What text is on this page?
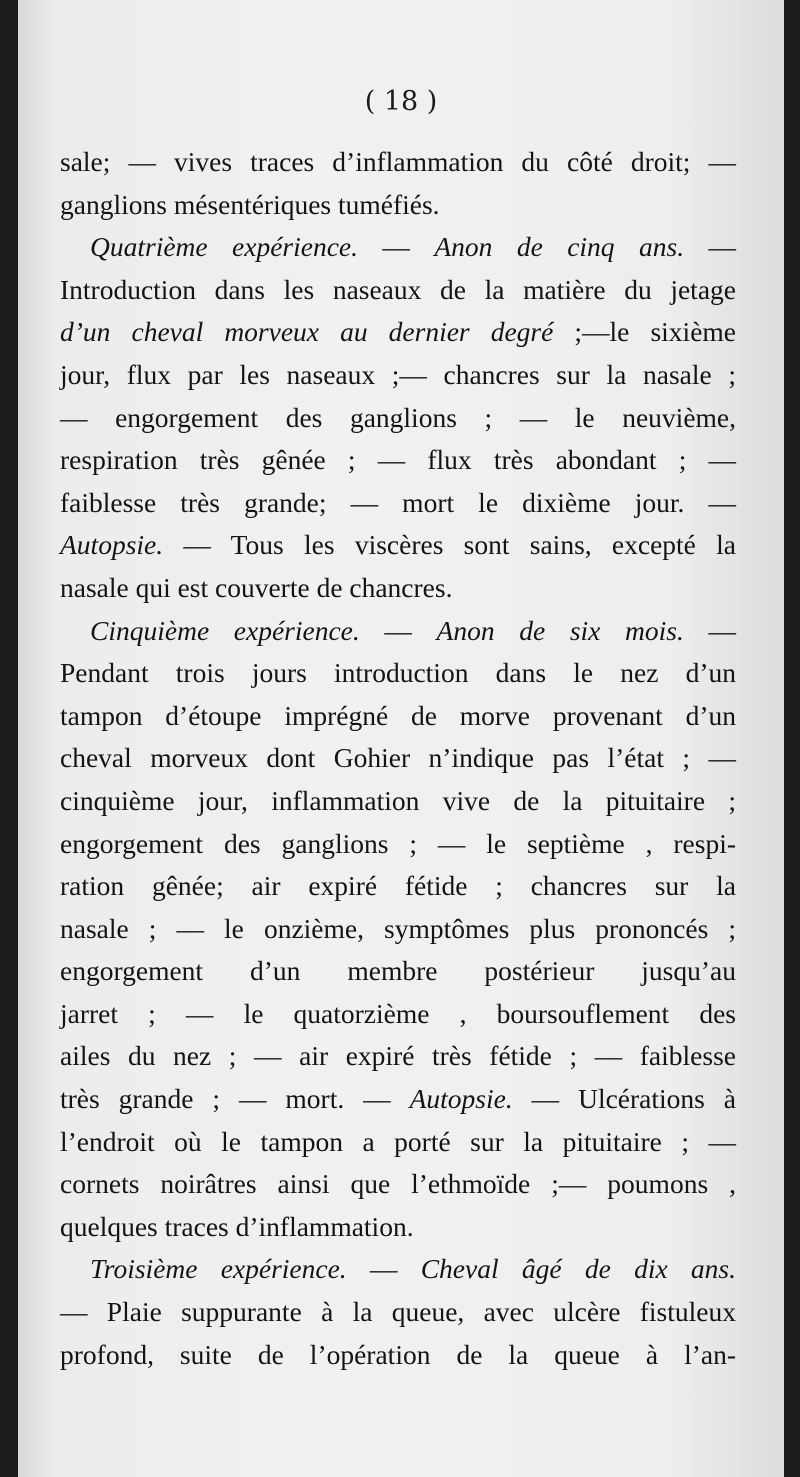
( 18 )
sale; — vives traces d’inflammation du côté droit; —
ganglions mésentériques tuméfiés.
Quatrième expérience. — Anon de cinq ans. —
Introduction dans les naseaux de la matière du jetage
d’un cheval morveux au dernier degré ;—le sixième
jour, flux par les naseaux ;— chancres sur la nasale ;
— engorgement des ganglions ; — le neuvième,
respiration très gênée ; — flux très abondant ; —
faiblesse très grande; — mort le dixième jour. —
Autopsie. — Tous les viscères sont sains, excepté la
nasale qui est couverte de chancres.
Cinquième expérience. — Anon de six mois. —
Pendant trois jours introduction dans le nez d’un
tampon d’étoupe imprégné de morve provenant d’un
cheval morveux dont Gohier n’indique pas l’état ; —
cinquième jour, inflammation vive de la pituitaire ;
engorgement des ganglions ; — le septième , respi-
ration gênée; air expiré fétide ; chancres sur la
nasale ; — le onzième, symptômes plus prononcés ;
engorgement d’un membre postérieur jusqu’au
jarret ; — le quatorzième , boursouflement des
ailes du nez ; — air expiré très fétide ; — faiblesse
très grande ; — mort. — Autopsie. — Ulcérations à
l’endroit où le tampon a porté sur la pituitaire ; —
cornets noirâtres ainsi que l’ethmoïde ;— poumons ,
quelques traces d’inflammation.
Troisième expérience. — Cheval âgé de dix ans.
— Plaie suppurante à la queue, avec ulcère fistuleux
profond, suite de l’opération de la queue à l’an-
